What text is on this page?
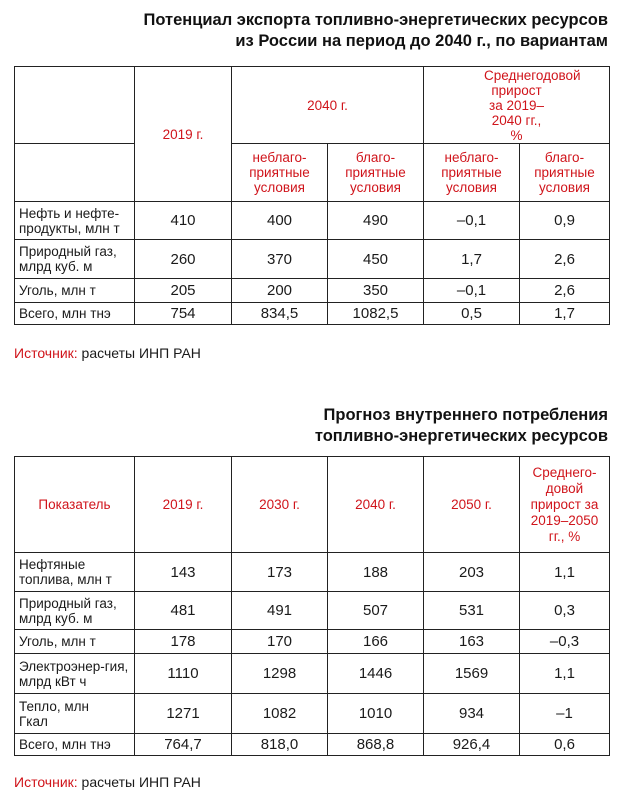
Потенциал экспорта топливно-энергетических ресурсов
из России на период до 2040 г., по вариантам
	2019 г.	2040 г.		Среднегодовой прирост за 2019–2040 гг., %	
		неблаго-приятные условия	благо-приятные условия	неблаго-приятные условия	благо-приятные условия
Нефть и нефте-продукты, млн т	410	400	490	–0,1	0,9
Природный газ, млрд куб. м	260	370	450	1,7	2,6
Уголь, млн т	205	200	350	–0,1	2,6
Всего, млн тнэ	754	834,5	1082,5	0,5	1,7
Источник: расчеты ИНП РАН
Прогноз внутреннего потребления
топливно-энергетических ресурсов
Показатель	2019 г.	2030 г.	2040 г.	2050 г.	Среднего-довой прирост за 2019–2050 гг., %
Нефтяные топлива, млн т	143	173	188	203	1,1
Природный газ, млрд куб. м	481	491	507	531	0,3
Уголь, млн т	178	170	166	163	–0,3
Электроэнер-гия, млрд кВт ч	1110	1298	1446	1569	1,1
Тепло, млн Гкал	1271	1082	1010	934	–1
Всего, млн тнэ	764,7	818,0	868,8	926,4	0,6
Источник: расчеты ИНП РАН
